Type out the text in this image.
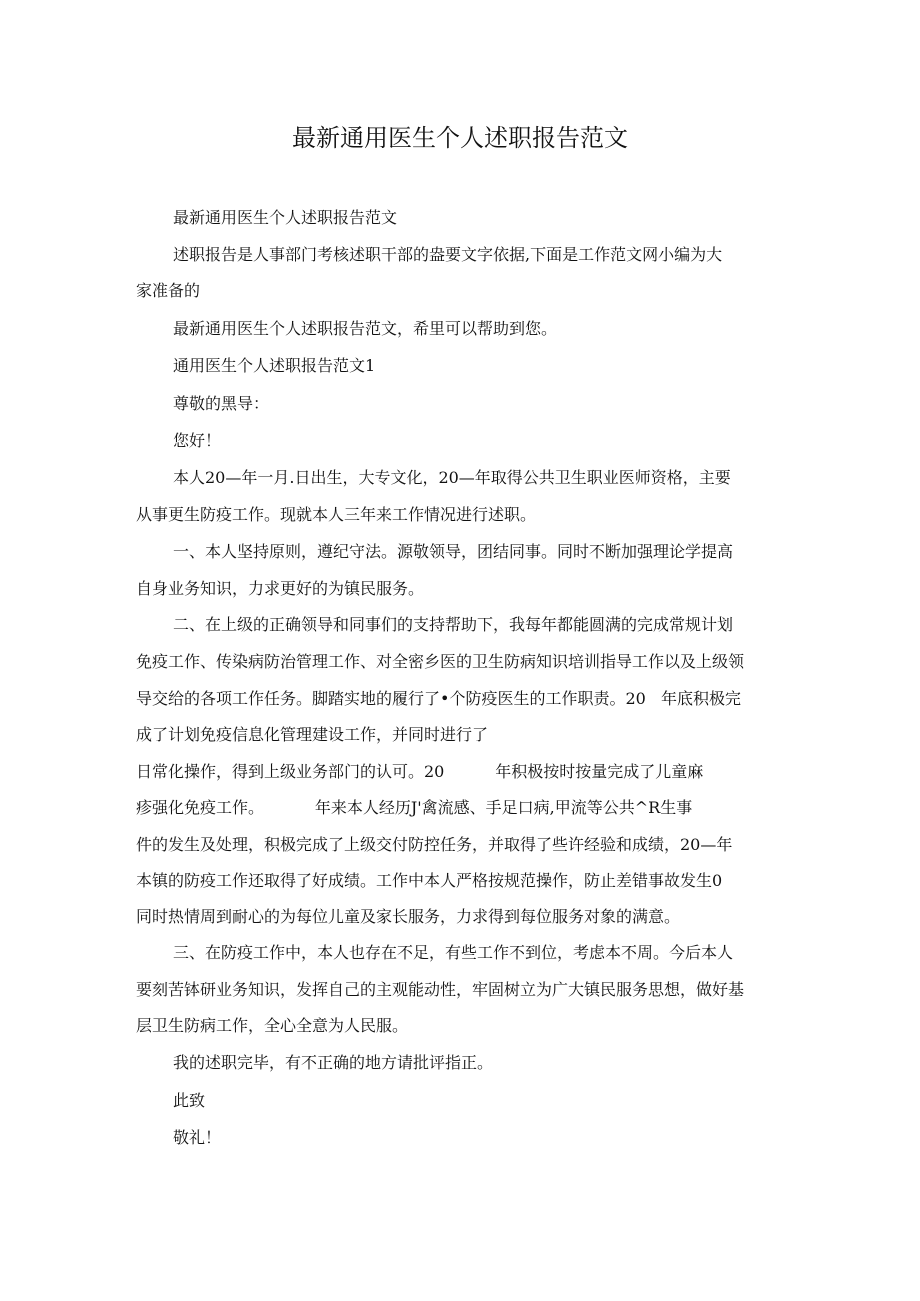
最新通用医生个人述职报告范文

最新通用医生个人述职报告范文

述职报告是人事部门考核述职干部的盎要文字依据,下面是工作范文网小编为大

家准备的

最新通用医生个人述职报告范文，希里可以帮助到您。

通用医生个人述职报告范文1

尊敬的黑导：

您好！

本人20—年一月.日出生，大专文化，20—年取得公共卫生职业医师资格，主要

从事更生防疫工作。现就本人三年来工作情况进行述职。

一、本人坚持原则，遵纪守法。源敬领导，团结同事。同时不断加强理论学提高

自身业务知识，力求更好的为镇民服务。

二、在上级的正确领导和同事们的支持帮助下，我每年都能圆满的完成常规计划

免疫工作、传染病防治管理工作、对全密乡医的卫生防病知识培训指导工作以及上级领

导交给的各项工作任务。脚踏实地的履行了•个防疫医生的工作职责。20   年底积极完

成了计划免疫信息化管理建设工作，并同时进行了

日常化操作，得到上级业务部门的认可。20          年积极按时按量完成了儿童麻

疹强化免疫工作。          年来本人经历J'禽流感、手足口病,甲流等公共^R生事

件的发生及处理，积极完成了上级交付防控任务，并取得了些许经验和成绩，20—年

本镇的防疫工作还取得了好成绩。工作中本人严格按规范操作，防止差错事故发生0

同时热情周到耐心的为每位儿童及家长服务，力求得到每位服务对象的满意。

三、在防疫工作中，本人也存在不足，有些工作不到位，考虑本不周。今后本人

要刻苦钵研业务知识，发挥自己的主观能动性，牢固树立为广大镇民服务思想，做好基

层卫生防病工作，全心全意为人民服。

我的述职完毕，有不正确的地方请批评指正。

此致

敬礼！
